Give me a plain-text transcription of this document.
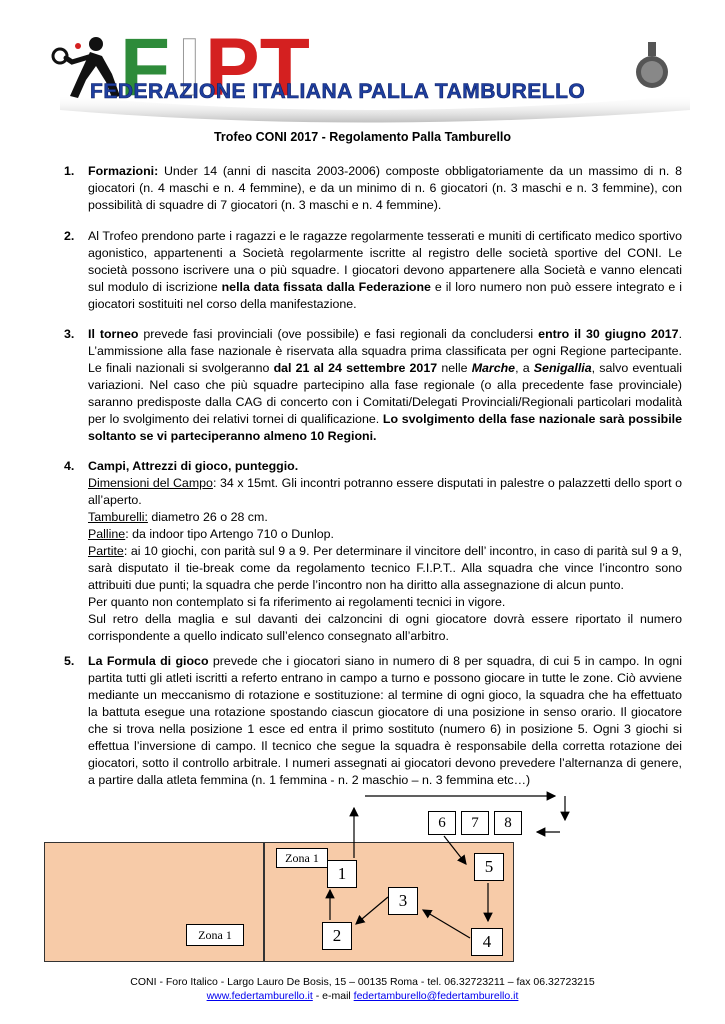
F I PT
FEDERAZIONE ITALIANA PALLA TAMBURELLO
Trofeo CONI 2017 - Regolamento Palla Tamburello
1. Formazioni: Under 14 (anni di nascita 2003-2006) composte obbligatoriamente da un massimo di n. 8 giocatori (n. 4 maschi e n. 4 femmine), e da un minimo di n. 6 giocatori (n. 3 maschi e n. 3 femmine), con possibilità di squadre di 7 giocatori (n. 3 maschi e n. 4 femmine).
2. Al Trofeo prendono parte i ragazzi e le ragazze regolarmente tesserati e muniti di certificato medico sportivo agonistico, appartenenti a Società regolarmente iscritte al registro delle società sportive del CONI. Le società possono iscrivere una o più squadre. I giocatori devono appartenere alla Società e vanno elencati sul modulo di iscrizione nella data fissata dalla Federazione e il loro numero non può essere integrato e i giocatori sostituiti nel corso della manifestazione.
3. Il torneo prevede fasi provinciali (ove possibile) e fasi regionali da concludersi entro il 30 giugno 2017. L’ammissione alla fase nazionale è riservata alla squadra prima classificata per ogni Regione partecipante. Le finali nazionali si svolgeranno dal 21 al 24 settembre 2017 nelle Marche, a Senigallia, salvo eventuali variazioni. Nel caso che più squadre partecipino alla fase regionale (o alla precedente fase provinciale) saranno predisposte dalla CAG di concerto con i Comitati/Delegati Provinciali/Regionali particolari modalità per lo svolgimento dei relativi tornei di qualificazione. Lo svolgimento della fase nazionale sarà possibile soltanto se vi parteciperanno almeno 10 Regioni.
4. Campi, Attrezzi di gioco, punteggio.
Dimensioni del Campo: 34 x 15mt. Gli incontri potranno essere disputati in palestre o palazzetti dello sport o all’aperto.
Tamburelli: diametro 26 o 28 cm.
Palline: da indoor tipo Artengo 710 o Dunlop.
Partite: ai 10 giochi, con parità sul 9 a 9. Per determinare il vincitore dell’ incontro, in caso di parità sul 9 a 9, sarà disputato il tie-break come da regolamento tecnico F.I.P.T.. Alla squadra che vince l’incontro sono attribuiti due punti; la squadra che perde l’incontro non ha diritto alla assegnazione di alcun punto.
Per quanto non contemplato si fa riferimento ai regolamenti tecnici in vigore.
Sul retro della maglia e sul davanti dei calzoncini di ogni giocatore dovrà essere riportato il numero corrispondente a quello indicato sull’elenco consegnato all’arbitro.
5. La Formula di gioco prevede che i giocatori siano in numero di 8 per squadra, di cui 5 in campo. In ogni partita tutti gli atleti iscritti a referto entrano in campo a turno e possono giocare in tutte le zone. Ciò avviene mediante un meccanismo di rotazione e sostituzione: al termine di ogni gioco, la squadra che ha effettuato la battuta esegue una rotazione spostando ciascun giocatore di una posizione in senso orario. Il giocatore che si trova nella posizione 1 esce ed entra il primo sostituto (numero 6) in posizione 5. Ogni 3 giochi si effettua l’inversione di campo. Il tecnico che segue la squadra è responsabile della corretta rotazione dei giocatori, sotto il controllo arbitrale. I numeri assegnati ai giocatori devono prevedere l’alternanza di genere, a partire dalla atleta femmina (n. 1 femmina - n. 2 maschio – n. 3 femmina etc…)
Zona 1
Zona 1
1
2
3
4
5
6	7	8
CONI - Foro Italico - Largo Lauro De Bosis, 15 – 00135 Roma - tel. 06.32723211 – fax 06.32723215
www.federtamburello.it - e-mail federtamburello@federtamburello.it
